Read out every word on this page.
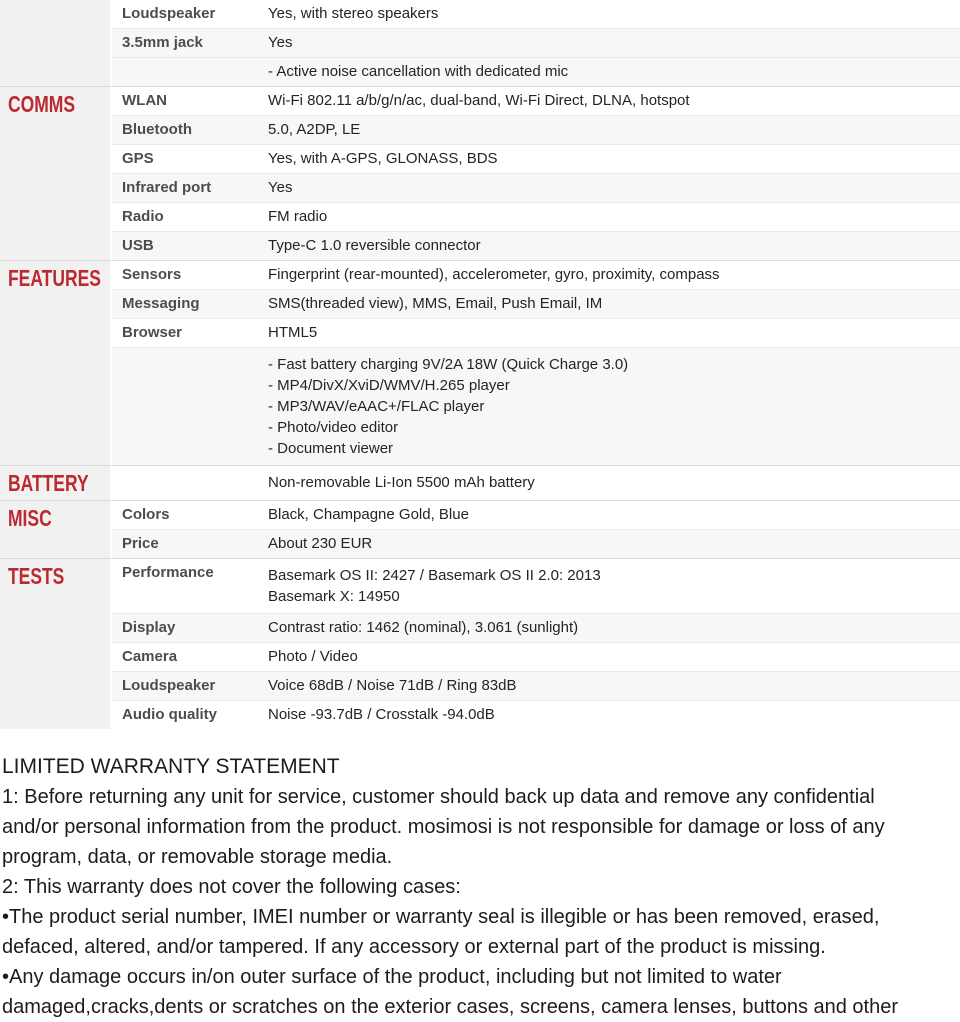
Loudspeaker	Yes, with stereo speakers
3.5mm jack	Yes
- Active noise cancellation with dedicated mic
COMMS	WLAN	Wi-Fi 802.11 a/b/g/n/ac, dual-band, Wi-Fi Direct, DLNA, hotspot
Bluetooth	5.0, A2DP, LE
GPS	Yes, with A-GPS, GLONASS, BDS
Infrared port	Yes
Radio	FM radio
USB	Type-C 1.0 reversible connector
FEATURES Sensors	Fingerprint (rear-mounted), accelerometer, gyro, proximity, compass
Messaging	SMS(threaded view), MMS, Email, Push Email, IM
Browser	HTML5
- Fast battery charging 9V/2A 18W (Quick Charge 3.0)
- MP4/DivX/XviD/WMV/H.265 player
- MP3/WAV/eAAC+/FLAC player
- Photo/video editor
- Document viewer
BATTERY	Non-removable Li-Ion 5500 mAh battery
MISC	Colors	Black, Champagne Gold, Blue
Price	About 230 EUR
TESTS	Performance	Basemark OS II: 2427 / Basemark OS II 2.0: 2013
Basemark X: 14950
Display	Contrast ratio: 1462 (nominal), 3.061 (sunlight)
Camera	Photo / Video
Loudspeaker	Voice 68dB / Noise 71dB / Ring 83dB
Audio quality	Noise -93.7dB / Crosstalk -94.0dB
LIMITED WARRANTY STATEMENT
1: Before returning any unit for service, customer should back up data and remove any confidential
and/or personal information from the product. mosimosi is not responsible for damage or loss of any
program, data, or removable storage media.
2: This warranty does not cover the following cases:
•The product serial number, IMEI number or warranty seal is illegible or has been removed, erased,
defaced, altered, and/or tampered. If any accessory or external part of the product is missing.
•Any damage occurs in/on outer surface of the product, including but not limited to water
damaged,cracks,dents or scratches on the exterior cases, screens, camera lenses, buttons and other
